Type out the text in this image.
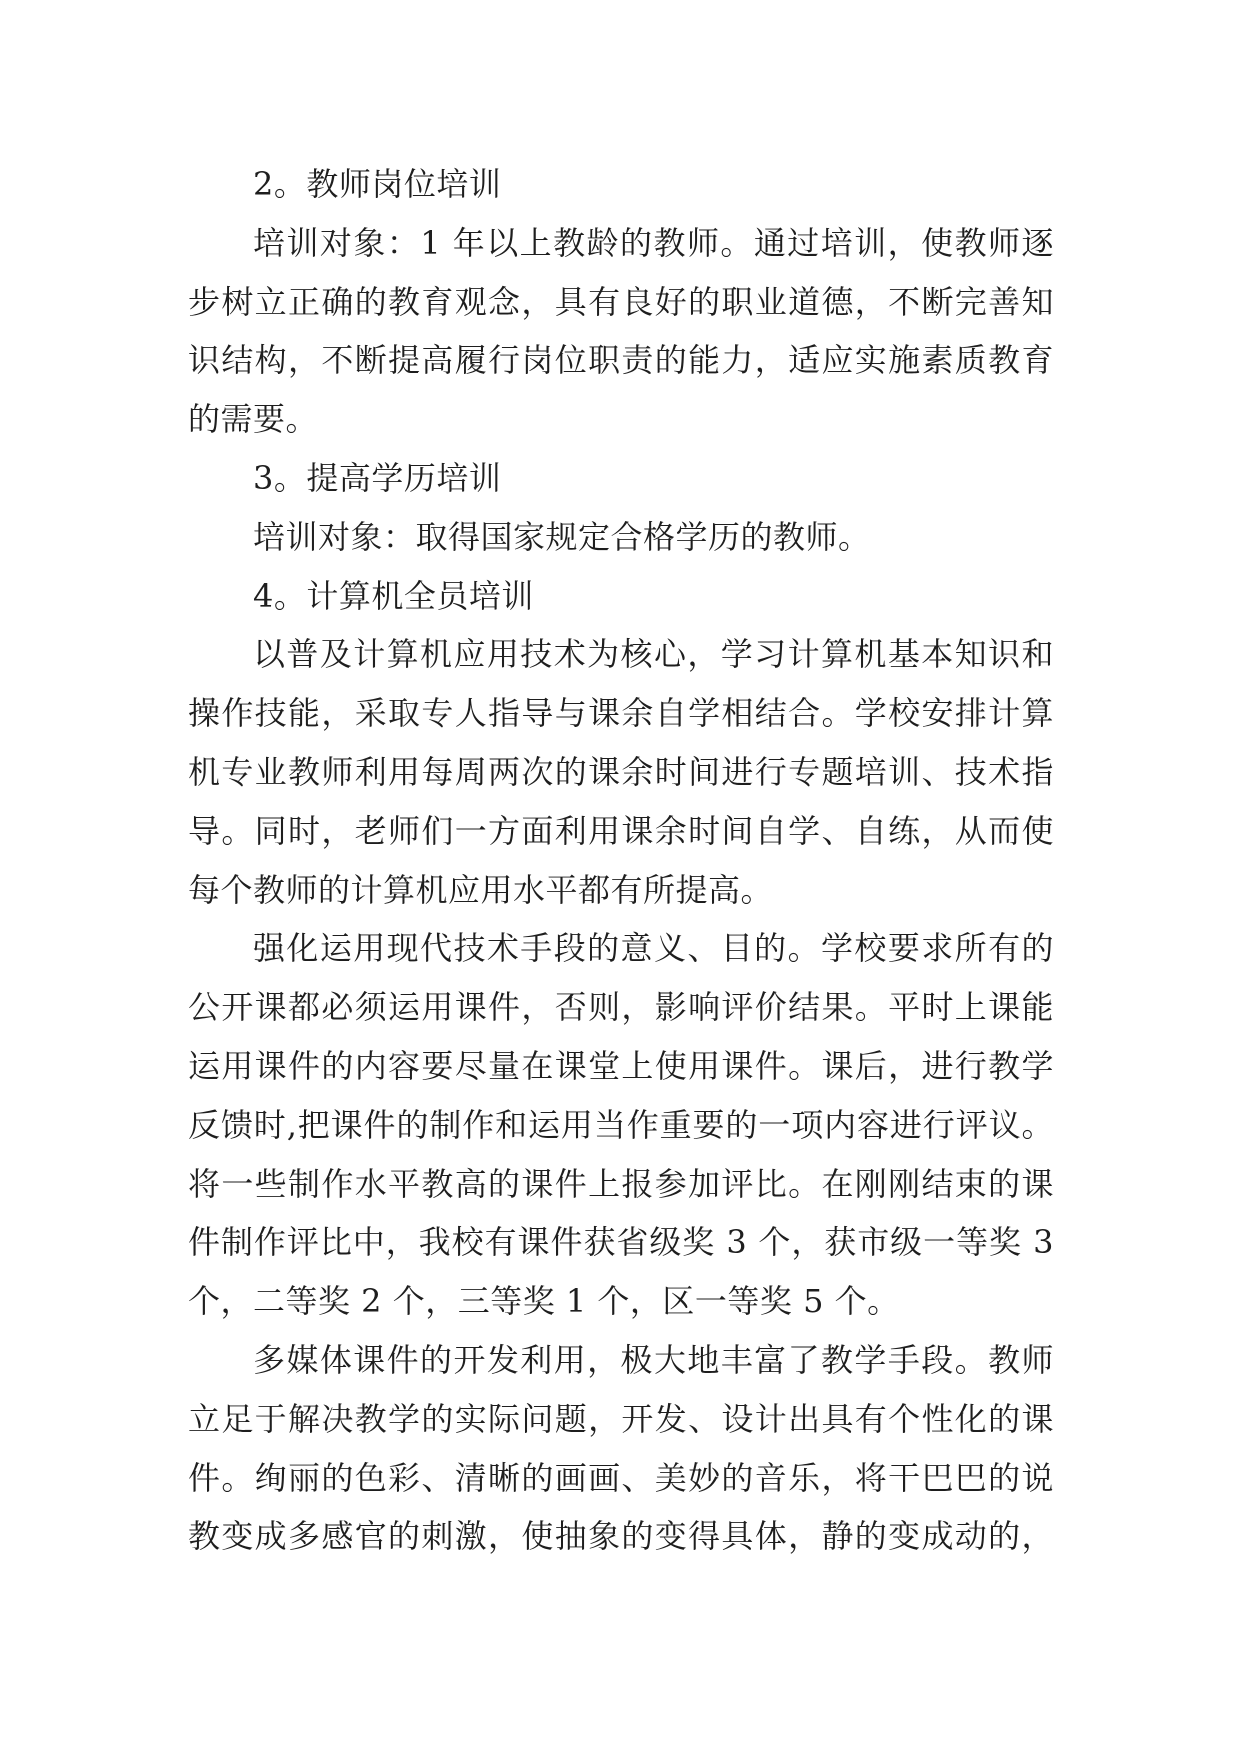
2。教师岗位培训
培训对象：1 年以上教龄的教师。通过培训，使教师逐
步树立正确的教育观念，具有良好的职业道德，不断完善知
识结构，不断提高履行岗位职责的能力，适应实施素质教育
的需要。
3。提高学历培训
培训对象：取得国家规定合格学历的教师。
4。计算机全员培训
以普及计算机应用技术为核心，学习计算机基本知识和
操作技能，采取专人指导与课余自学相结合。学校安排计算
机专业教师利用每周两次的课余时间进行专题培训、技术指
导。同时，老师们一方面利用课余时间自学、自练，从而使
每个教师的计算机应用水平都有所提高。
强化运用现代技术手段的意义、目的。学校要求所有的
公开课都必须运用课件，否则，影响评价结果。平时上课能
运用课件的内容要尽量在课堂上使用课件。课后，进行教学
反馈时,把课件的制作和运用当作重要的一项内容进行评议。
将一些制作水平教高的课件上报参加评比。在刚刚结束的课
件制作评比中，我校有课件获省级奖 3 个，获市级一等奖 3
个，二等奖 2 个，三等奖 1 个，区一等奖 5 个。
多媒体课件的开发利用，极大地丰富了教学手段。教师
立足于解决教学的实际问题，开发、设计出具有个性化的课
件。绚丽的色彩、清晰的画画、美妙的音乐，将干巴巴的说
教变成多感官的刺激，使抽象的变得具体，静的变成动的，
